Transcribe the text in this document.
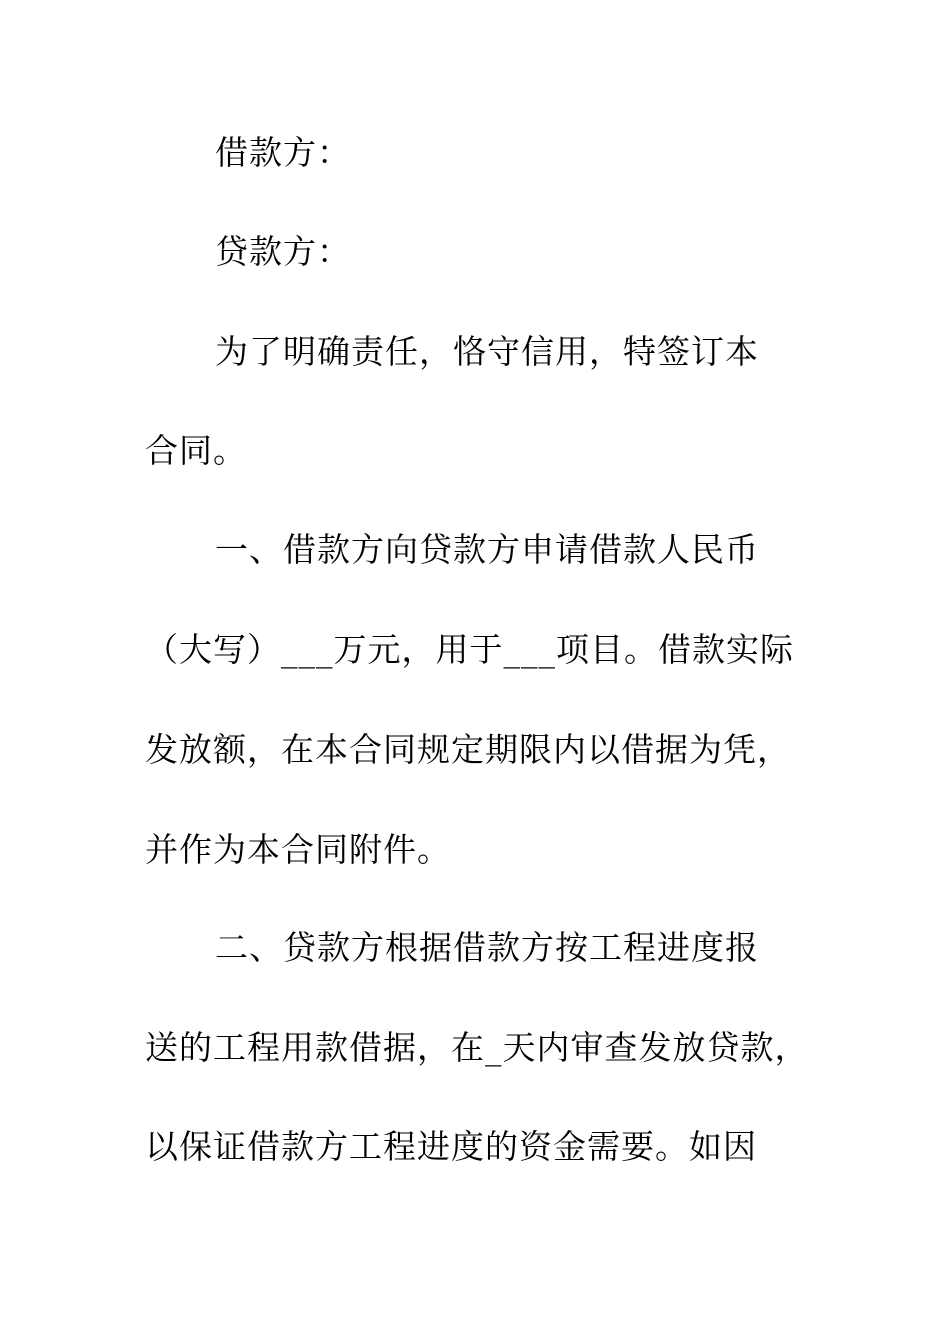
借款方：
贷款方：
为了明确责任，恪守信用，特签订本
合同。
一、借款方向贷款方申请借款人民币
（大写）___万元，用于___项目。借款实际
发放额，在本合同规定期限内以借据为凭，
并作为本合同附件。
二、贷款方根据借款方按工程进度报
送的工程用款借据，在_天内审查发放贷款，
以保证借款方工程进度的资金需要。如因
